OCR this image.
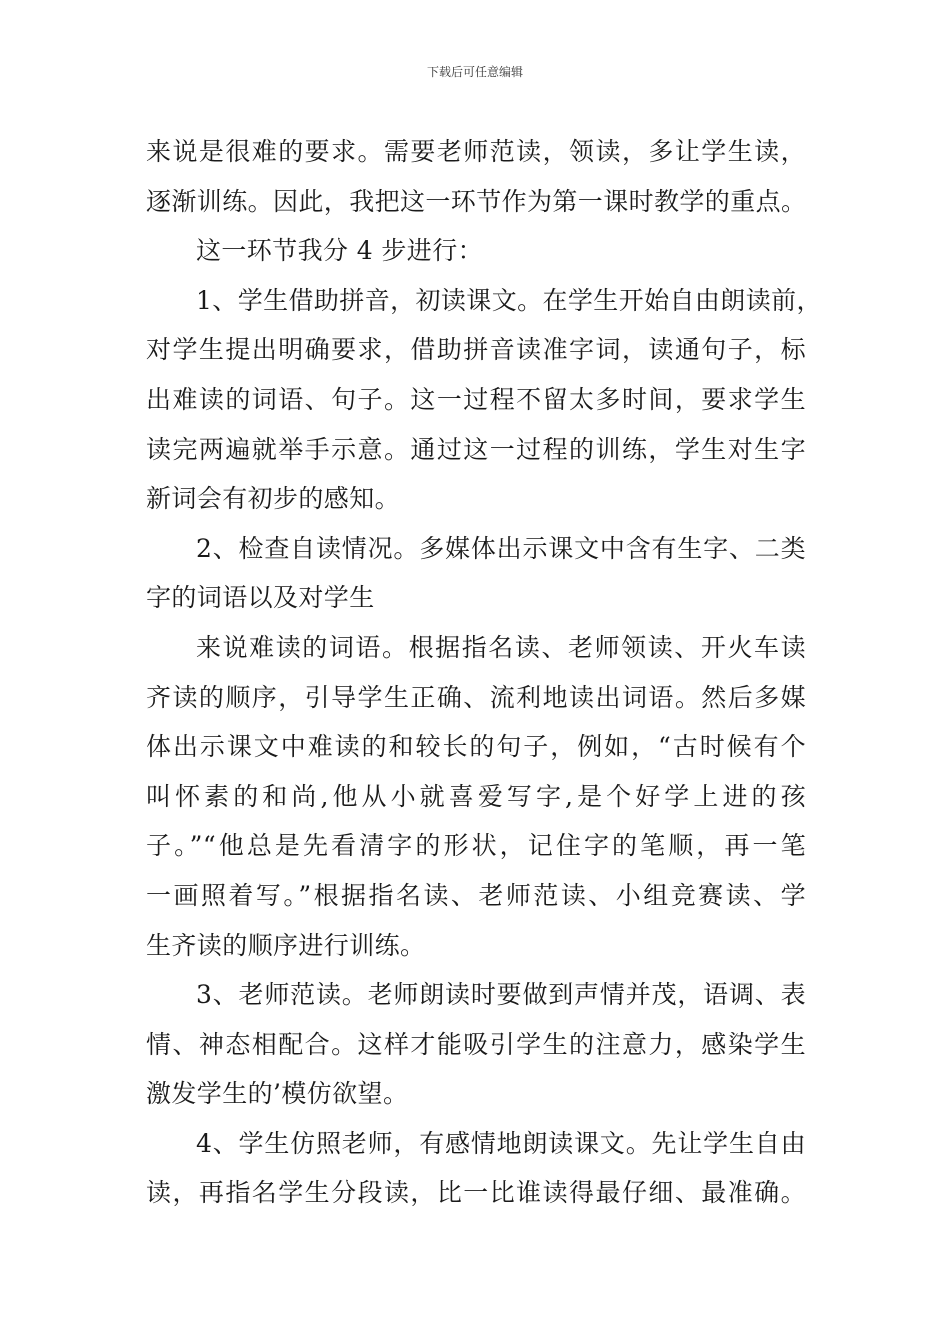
下载后可任意编辑
来说是很难的要求。需要老师范读，领读，多让学生读，
逐渐训练。因此，我把这一环节作为第一课时教学的重点。
这一环节我分 4 步进行：
1、学生借助拼音，初读课文。在学生开始自由朗读前，
对学生提出明确要求，借助拼音读准字词，读通句子，标
出难读的词语、句子。这一过程不留太多时间，要求学生
读完两遍就举手示意。通过这一过程的训练，学生对生字
新词会有初步的感知。
2、检查自读情况。多媒体出示课文中含有生字、二类
字的词语以及对学生
来说难读的词语。根据指名读、老师领读、开火车读
齐读的顺序，引导学生正确、流利地读出词语。然后多媒
体出示课文中难读的和较长的句子，例如，“古时候有个
叫怀素的和尚,他从小就喜爱写字,是个好学上进的孩
子。”“他总是先看清字的形状，记住字的笔顺，再一笔
一画照着写。”根据指名读、老师范读、小组竞赛读、学
生齐读的顺序进行训练。
3、老师范读。老师朗读时要做到声情并茂，语调、表
情、神态相配合。这样才能吸引学生的注意力，感染学生
激发学生的’模仿欲望。
4、学生仿照老师，有感情地朗读课文。先让学生自由
读，再指名学生分段读，比一比谁读得最仔细、最准确。
